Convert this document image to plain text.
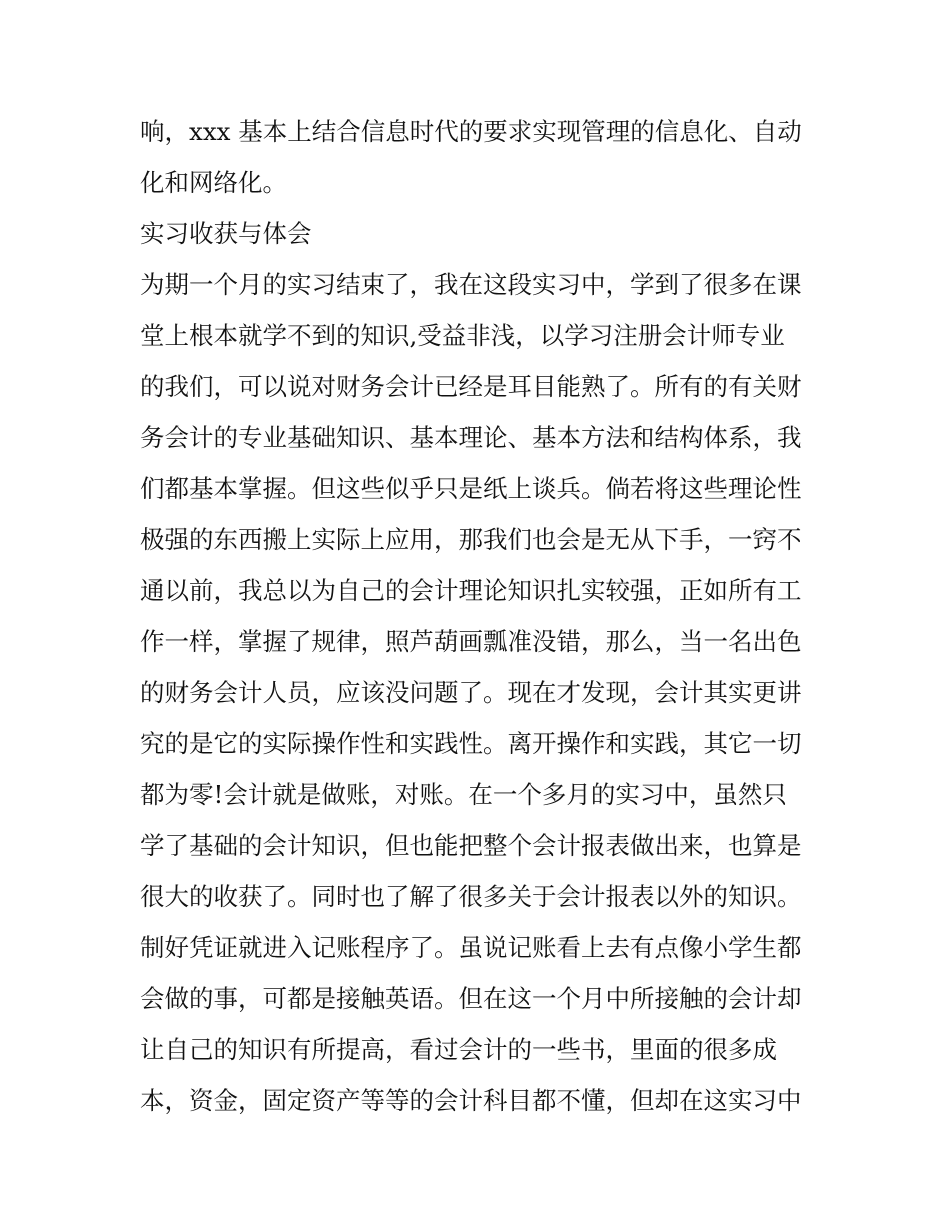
响，xxx 基本上结合信息时代的要求实现管理的信息化、自动
化和网络化。
实习收获与体会
为期一个月的实习结束了，我在这段实习中，学到了很多在课
堂上根本就学不到的知识,受益非浅，以学习注册会计师专业
的我们，可以说对财务会计已经是耳目能熟了。所有的有关财
务会计的专业基础知识、基本理论、基本方法和结构体系，我
们都基本掌握。但这些似乎只是纸上谈兵。倘若将这些理论性
极强的东西搬上实际上应用，那我们也会是无从下手，一窍不
通以前，我总以为自己的会计理论知识扎实较强，正如所有工
作一样，掌握了规律，照芦葫画瓢准没错，那么，当一名出色
的财务会计人员，应该没问题了。现在才发现，会计其实更讲
究的是它的实际操作性和实践性。离开操作和实践，其它一切
都为零!会计就是做账，对账。在一个多月的实习中，虽然只
学了基础的会计知识，但也能把整个会计报表做出来，也算是
很大的收获了。同时也了解了很多关于会计报表以外的知识。
制好凭证就进入记账程序了。虽说记账看上去有点像小学生都
会做的事，可都是接触英语。但在这一个月中所接触的会计却
让自己的知识有所提高，看过会计的一些书，里面的很多成
本，资金，固定资产等等的会计科目都不懂，但却在这实习中
